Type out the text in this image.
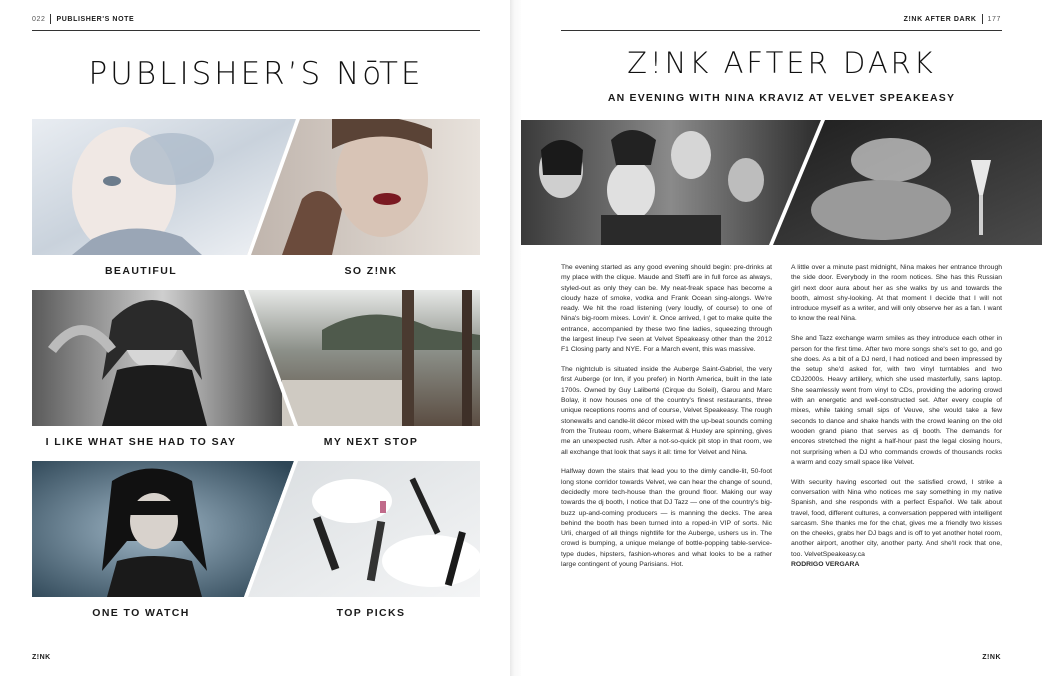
022 PUBLISHER'S NOTE
PUBLISHER’S NōTE
BEAUTIFUL	SO Z!NK
I LIKE WHAT SHE HAD TO SAY	MY NEXT STOP
ONE TO WATCH	TOP PICKS
Z!NK
Z!NK AFTER DARK 177
Z!NK AFTER DARK
AN EVENING WITH NINA KRAVIZ AT VELVET SPEAKEASY

The evening started as any good evening should begin: pre-drinks at my place with the clique. Maude and Steffi are in full force as always, styled-out as only they can be. My neat-freak space has become a cloudy haze of smoke, vodka and Frank Ocean sing-alongs. We're ready. We hit the road listening (very loudly, of course) to one of Nina's big-room mixes. Lovin' it. Once arrived, I get to make quite the entrance, accompanied by these two fine ladies, squeezing through the largest lineup I've seen at Velvet Speakeasy other than the 2012 F1 Closing party and NYE. For a March event, this was massive.

The nightclub is situated inside the Auberge Saint-Gabriel, the very first Auberge (or Inn, if you prefer) in North America, built in the late 1700s. Owned by Guy Laliberté (Cirque du Soleil), Garou and Marc Bolay, it now houses one of the country's finest restaurants, three unique receptions rooms and of course, Velvet Speakeasy. The rough stonewalls and candle-lit décor mixed with the up-beat sounds coming from the Truteau room, where Bakermat & Huxley are spinning, gives me an unexpected rush. After a not-so-quick pit stop in that room, we all exchange that look that says it all: time for Velvet and Nina.

Halfway down the stairs that lead you to the dimly candle-lit, 50-foot long stone corridor towards Velvet, we can hear the change of sound, decidedly more tech-house than the ground floor. Making our way towards the dj booth, I notice that DJ Tazz — one of the country's big-buzz up-and-coming producers — is manning the decks. The area behind the booth has been turned into a roped-in VIP of sorts. Nic Urli, charged of all things nightlife for the Auberge, ushers us in. The crowd is bumping, a unique melange of bottle-popping table-service-type dudes, hipsters, fashion-whores and what looks to be a rather large contingent of young Parisians. Hot.

A little over a minute past midnight, Nina makes her entrance through the side door. Everybody in the room notices. She has this Russian girl next door aura about her as she walks by us and towards the booth, almost shy-looking. At that moment I decide that I will not introduce myself as a writer, and will only observe her as a fan. I want to know the real Nina.

She and Tazz exchange warm smiles as they introduce each other in person for the first time. After two more songs she's set to go, and go she does. As a bit of a DJ nerd, I had noticed and been impressed by the setup she'd asked for, with two vinyl turntables and two CDJ2000s. Heavy artillery, which she used masterfully, sans laptop. She seamlessly went from vinyl to CDs, providing the adoring crowd with an energetic and well-constructed set. After every couple of mixes, while taking small sips of Veuve, she would take a few seconds to dance and shake hands with the crowd leaning on the old wooden grand piano that serves as dj booth. The demands for encores stretched the night a half-hour past the legal closing hours, not surprising when a DJ who commands crowds of thousands rocks a warm and cozy small space like Velvet.

With security having escorted out the satisfied crowd, I strike a conversation with Nina who notices me say something in my native Spanish, and she responds with a perfect Español. We talk about travel, food, different cultures, a conversation peppered with intelligent sarcasm. She thanks me for the chat, gives me a friendly two kisses on the cheeks, grabs her DJ bags and is off to yet another hotel room, another airport, another city, another party. And she'll rock that one, too. VelvetSpeakeasy.ca

RODRIGO VERGARA
Z!NK
